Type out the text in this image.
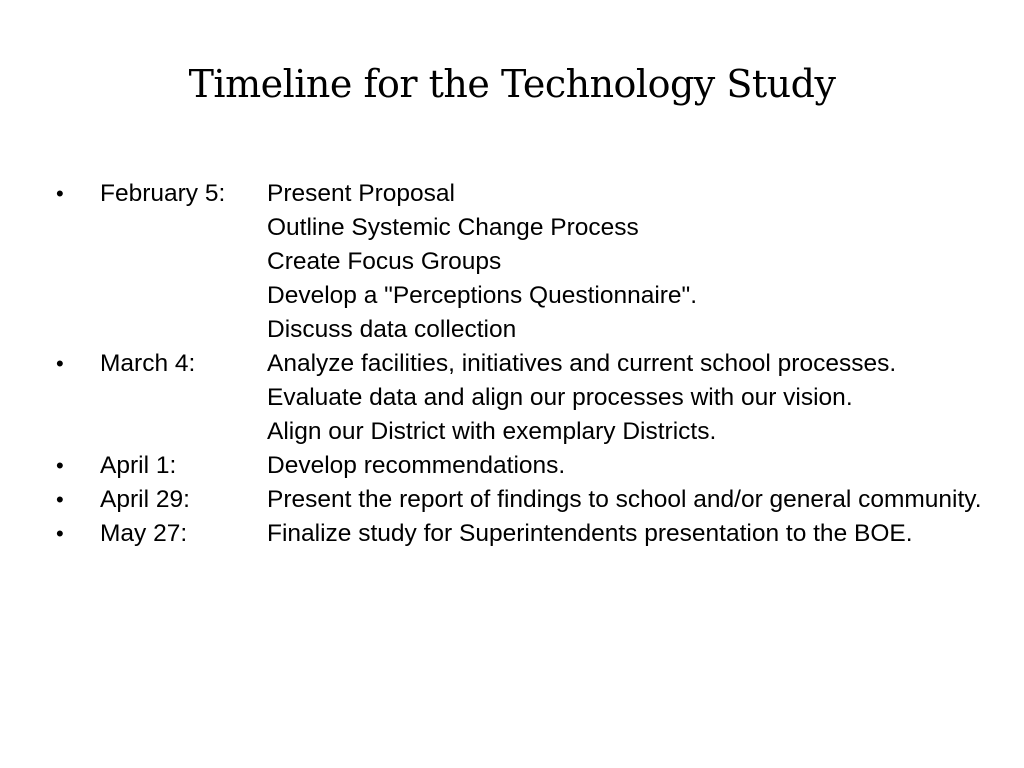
Timeline for the Technology Study
•	February 5:	Present Proposal
Outline Systemic Change Process
Create Focus Groups
Develop a "Perceptions Questionnaire".
Discuss data collection
•	March 4:	Analyze facilities, initiatives and current school processes.
Evaluate data and align our processes with our vision.
Align our District with exemplary Districts.
•	April 1:	Develop recommendations.
•	April 29:	Present the report of findings to school and/or general community.
•	May 27:	Finalize study for Superintendents presentation to the BOE.
